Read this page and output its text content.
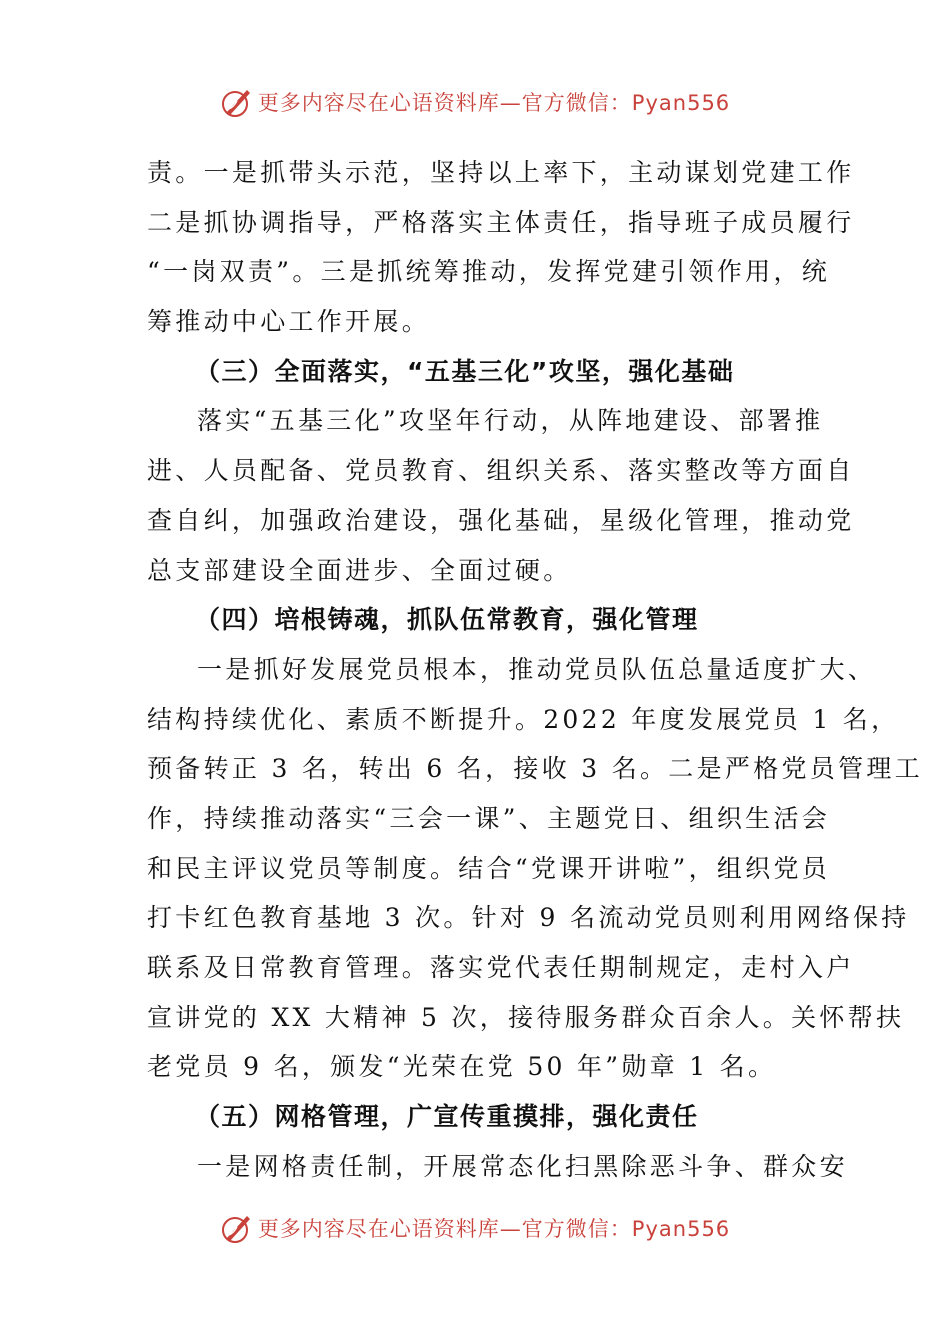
更多内容尽在心语资料库—官方微信：Pyan556
责。一是抓带头示范，坚持以上率下，主动谋划党建工作
二是抓协调指导，严格落实主体责任，指导班子成员履行
“一岗双责”。三是抓统筹推动，发挥党建引领作用，统
筹推动中心工作开展。
（三）全面落实，“五基三化”攻坚，强化基础
落实“五基三化”攻坚年行动，从阵地建设、部署推
进、人员配备、党员教育、组织关系、落实整改等方面自
查自纠，加强政治建设，强化基础，星级化管理，推动党
总支部建设全面进步、全面过硬。
（四）培根铸魂，抓队伍常教育，强化管理
一是抓好发展党员根本，推动党员队伍总量适度扩大、
结构持续优化、素质不断提升。2022 年度发展党员 1 名，
预备转正 3 名，转出 6 名，接收 3 名。二是严格党员管理工
作，持续推动落实“三会一课”、主题党日、组织生活会
和民主评议党员等制度。结合“党课开讲啦”，组织党员
打卡红色教育基地 3 次。针对 9 名流动党员则利用网络保持
联系及日常教育管理。落实党代表任期制规定，走村入户
宣讲党的 XX 大精神 5 次，接待服务群众百余人。关怀帮扶
老党员 9 名，颁发“光荣在党 50 年”勋章 1 名。
（五）网格管理，广宣传重摸排，强化责任
一是网格责任制，开展常态化扫黑除恶斗争、群众安
更多内容尽在心语资料库—官方微信：Pyan556
